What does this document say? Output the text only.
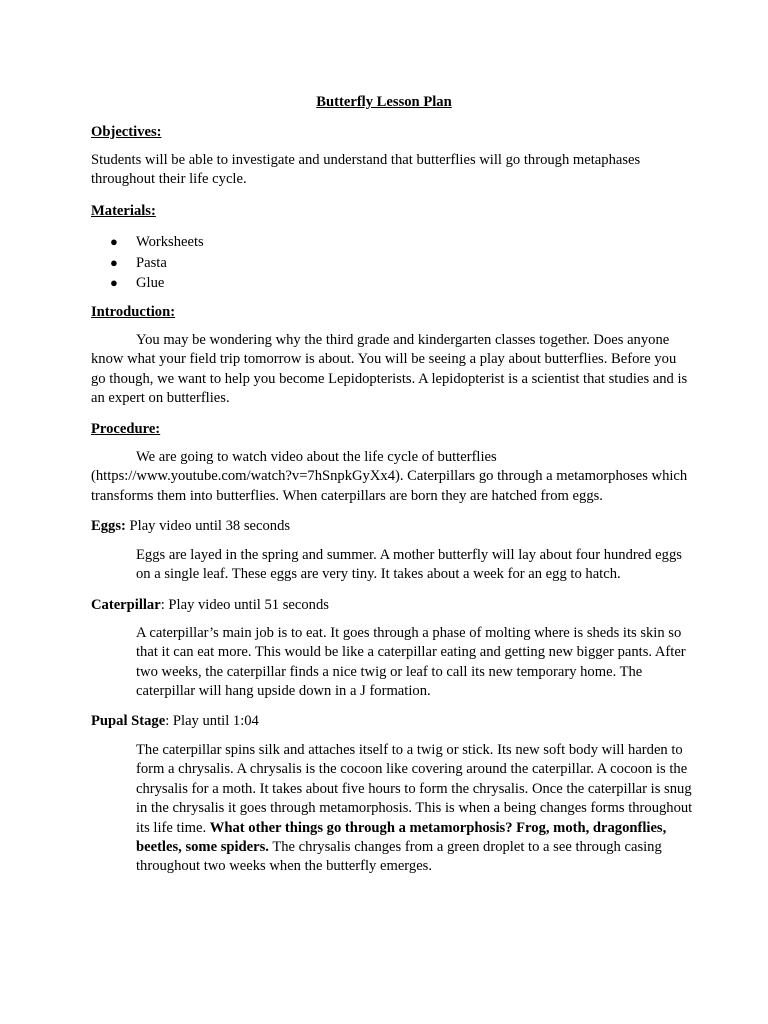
Butterfly Lesson Plan
Objectives:
Students will be able to investigate and understand that butterflies will go through metaphases throughout their life cycle.
Materials:
● Worksheets
● Pasta
● Glue
Introduction:
You may be wondering why the third grade and kindergarten classes together. Does anyone know what your field trip tomorrow is about. You will be seeing a play about butterflies. Before you go though, we want to help you become Lepidopterists. A lepidopterist is a scientist that studies and is an expert on butterflies.
Procedure:
We are going to watch video about the life cycle of butterflies (https://www.youtube.com/watch?v=7hSnpkGyXx4). Caterpillars go through a metamorphoses which transforms them into butterflies. When caterpillars are born they are hatched from eggs.
Eggs: Play video until 38 seconds
Eggs are layed in the spring and summer. A mother butterfly will lay about four hundred eggs on a single leaf. These eggs are very tiny. It takes about a week for an egg to hatch.
Caterpillar: Play video until 51 seconds
A caterpillar’s main job is to eat. It goes through a phase of molting where is sheds its skin so that it can eat more. This would be like a caterpillar eating and getting new bigger pants. After two weeks, the caterpillar finds a nice twig or leaf to call its new temporary home. The caterpillar will hang upside down in a J formation.
Pupal Stage: Play until 1:04
The caterpillar spins silk and attaches itself to a twig or stick. Its new soft body will harden to form a chrysalis. A chrysalis is the cocoon like covering around the caterpillar. A cocoon is the chrysalis for a moth. It takes about five hours to form the chrysalis. Once the caterpillar is snug in the chrysalis it goes through metamorphosis. This is when a being changes forms throughout its life time. What other things go through a metamorphosis? Frog, moth, dragonflies, beetles, some spiders. The chrysalis changes from a green droplet to a see through casing throughout two weeks when the butterfly emerges.
